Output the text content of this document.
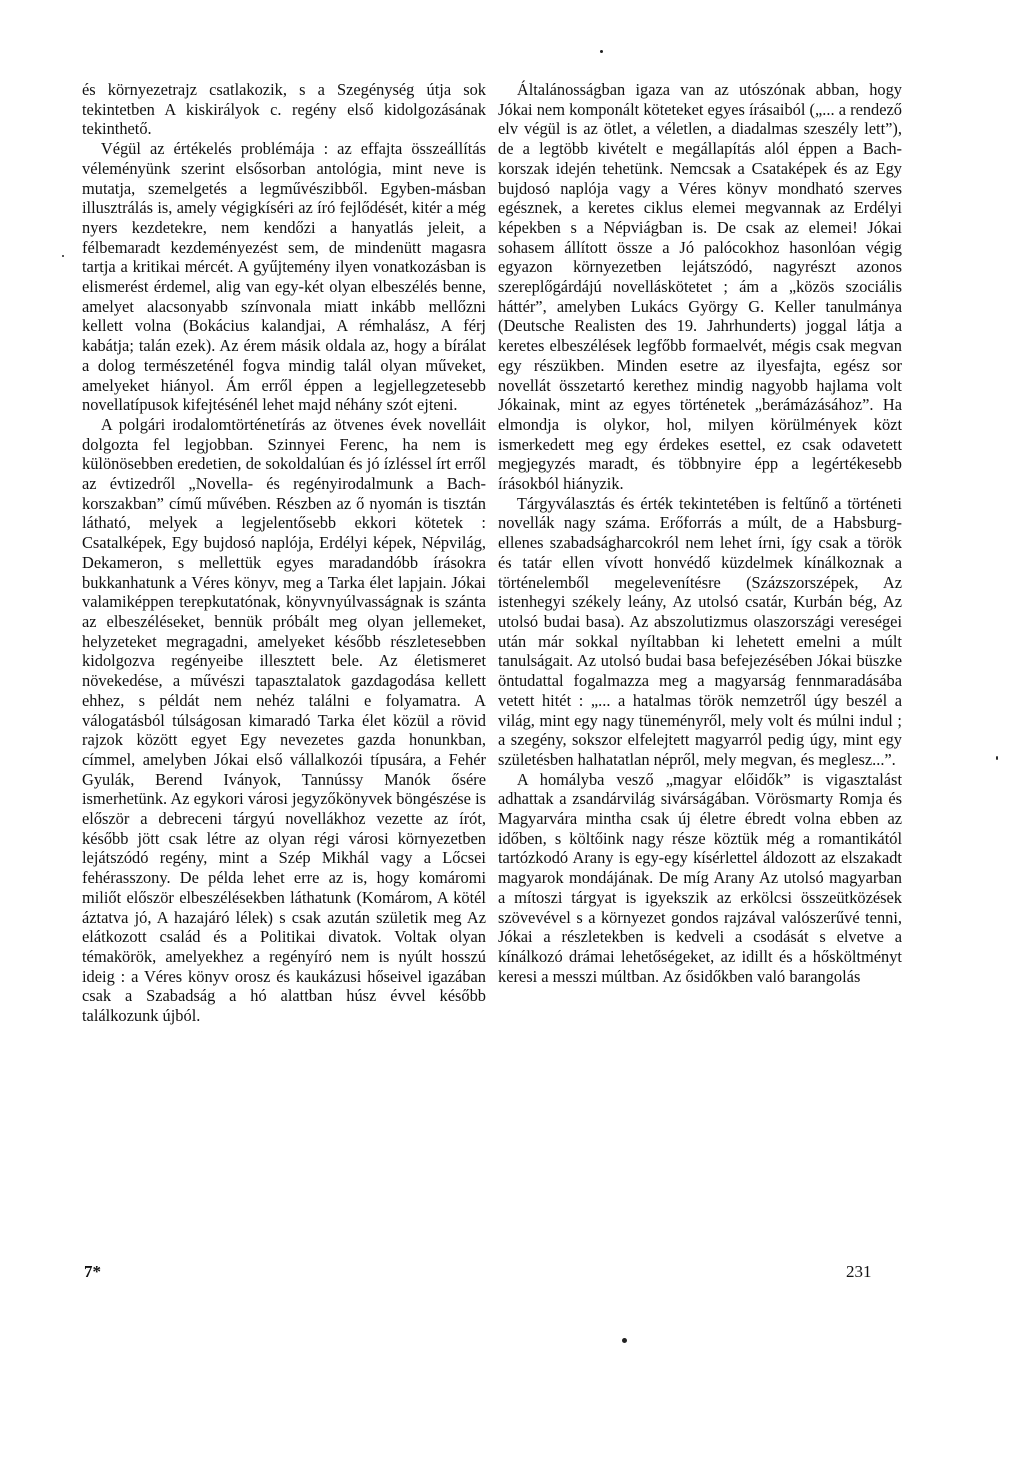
és környezetrajz csatlakozik, s a Szegénység útja sok tekintetben A kiskirályok c. regény első kidolgozásának tekinthető.

Végül az értékelés problémája : az effajta összeállítás véleményünk szerint elsősorban antológia, mint neve is mutatja, szemelgetés a legművészibből. Egyben-másban illusztrálás is, amely végigkíséri az író fejlődését, kitér a még nyers kezdetekre, nem kendőzi a hanyatlás jeleit, a félbemaradt kezdeményezést sem, de mindenütt magasra tartja a kritikai mércét. A gyűjtemény ilyen vonatkozásban is elismerést érdemel, alig van egy-két olyan elbeszélés benne, amelyet alacsonyabb színvonala miatt inkább mellőzni kellett volna (Bokácius kalandjai, A rémhalász, A férj kabátja; talán ezek). Az érem másik oldala az, hogy a bírálat a dolog természeténél fogva mindig talál olyan műveket, amelyeket hiányol. Ám erről éppen a legjellegzetesebb novellatípusok kifejtésénél lehet majd néhány szót ejteni.

A polgári irodalomtörténetírás az ötvenes évek novelláit dolgozta fel legjobban. Szinnyei Ferenc, ha nem is különösebben eredetien, de sokoldalúan és jó ízléssel írt erről az évtizedről „Novella- és regényirodalmunk a Bach-korszakban” című művében. Részben az ő nyomán is tisztán látható, melyek a legjelentősebb ekkori kötetek : Csatalképek, Egy bujdosó naplója, Erdélyi képek, Népvilág, Dekameron, s mellettük egyes maradandóbb írásokra bukkanhatunk a Véres könyv, meg a Tarka élet lapjain. Jókai valamiképpen terepkutatónak, könyvnyúlvasságnak is szánta az elbeszéléseket, bennük próbált meg olyan jellemeket, helyzeteket megragadni, amelyeket később részletesebben kidolgozva regényeibe illesztett bele. Az életismeret növekedése, a művészi tapasztalatok gazdagodása kellett ehhez, s példát nem nehéz találni e folyamatra. A válogatásból túlságosan kimaradó Tarka élet közül a rövid rajzok között egyet Egy nevezetes gazda honunkban, címmel, amelyben Jókai első vállalkozói típusára, a Fehér Gyulák, Berend Iványok, Tannússy Manók ősére ismerhetünk. Az egykori városi jegyzőkönyvek böngészése is először a debreceni tárgyú novellákhoz vezette az írót, később jött csak létre az olyan régi városi környezetben lejátszódó regény, mint a Szép Mikhál vagy a Lőcsei fehérasszony. De példa lehet erre az is, hogy komáromi miliőt először elbeszélésekben láthatunk (Komárom, A kötél áztatva jó, A hazajáró lélek) s csak azután születik meg Az elátkozott család és a Politikai divatok. Voltak olyan témakörök, amelyekhez a regényíró nem is nyúlt hosszú ideig : a Véres könyv orosz és kaukázusi hőseivel igazában csak a Szabadság a hó alattban húsz évvel később találkozunk újból.

Általánosságban igaza van az utószónak abban, hogy Jókai nem komponált köteteket egyes írásaiból („... a rendező elv végül is az ötlet, a véletlen, a diadalmas szeszély lett”), de a legtöbb kivételt e megállapítás alól éppen a Bach-korszak idején tehetünk. Nemcsak a Csataképek és az Egy bujdosó naplója vagy a Véres könyv mondható szerves egésznek, a keretes ciklus elemei megvannak az Erdélyi képekben s a Népviágban is. De csak az elemei! Jókai sohasem állított össze a Jó palócokhoz hasonlóan végig egyazon környezetben lejátszódó, nagyrészt azonos szereplőgárdájú novelláskötetet ; ám a „közös szociális háttér”, amelyben Lukács György G. Keller tanulmánya (Deutsche Realisten des 19. Jahrhunderts) joggal látja a keretes elbeszélések legfőbb formaelvét, mégis csak megvan egy részükben. Minden esetre az ilyesfajta, egész sor novellát összetartó kerethez mindig nagyobb hajlama volt Jókainak, mint az egyes történetek „berámázásához”. Ha elmondja is olykor, hol, milyen körülmények közt ismerkedett meg egy érdekes esettel, ez csak odavetett megjegyzés maradt, és többnyire épp a legértékesebb írásokból hiányzik.

Tárgyválasztás és érték tekintetében is feltűnő a történeti novellák nagy száma. Erőforrás a múlt, de a Habsburg-ellenes szabadságharcokról nem lehet írni, így csak a török és tatár ellen vívott honvédő küzdelmek kínálkoznak a történelemből megelevenítésre (Százszorszépek, Az istenhegyi székely leány, Az utolsó csatár, Kurbán bég, Az utolsó budai basa). Az abszolutizmus olaszországi vereségei után már sokkal nyíltabban ki lehetett emelni a múlt tanulságait. Az utolsó budai basa befejezésében Jókai büszke öntudattal fogalmazza meg a magyarság fennmaradásába vetett hitét : „... a hatalmas török nemzetről úgy beszél a világ, mint egy nagy tüneményről, mely volt és múlni indul ; a szegény, sokszor elfelejtett magyarról pedig úgy, mint egy születésben halhatatlan népről, mely megvan, és meglesz...”.

A homályba vesző „magyar előidők” is vigasztalást adhattak a zsandárvilág sivárságában. Vörösmarty Romja és Magyarvára mintha csak új életre ébredt volna ebben az időben, s költőink nagy része köztük még a romantikától tartózkodó Arany is egy-egy kísérlettel áldozott az elszakadt magyarok mondájának. De míg Arany Az utolsó magyarban a mítoszi tárgyat is igyekszik az erkölcsi összeütközések szövevével s a környezet gondos rajzával valószerűvé tenni, Jókai a részletekben is kedveli a csodását s elvetve a kínálkozó drámai lehetőségeket, az idillt és a hősköltményt keresi a messzi múltban. Az ősidőkben való barangolás

7*	231
